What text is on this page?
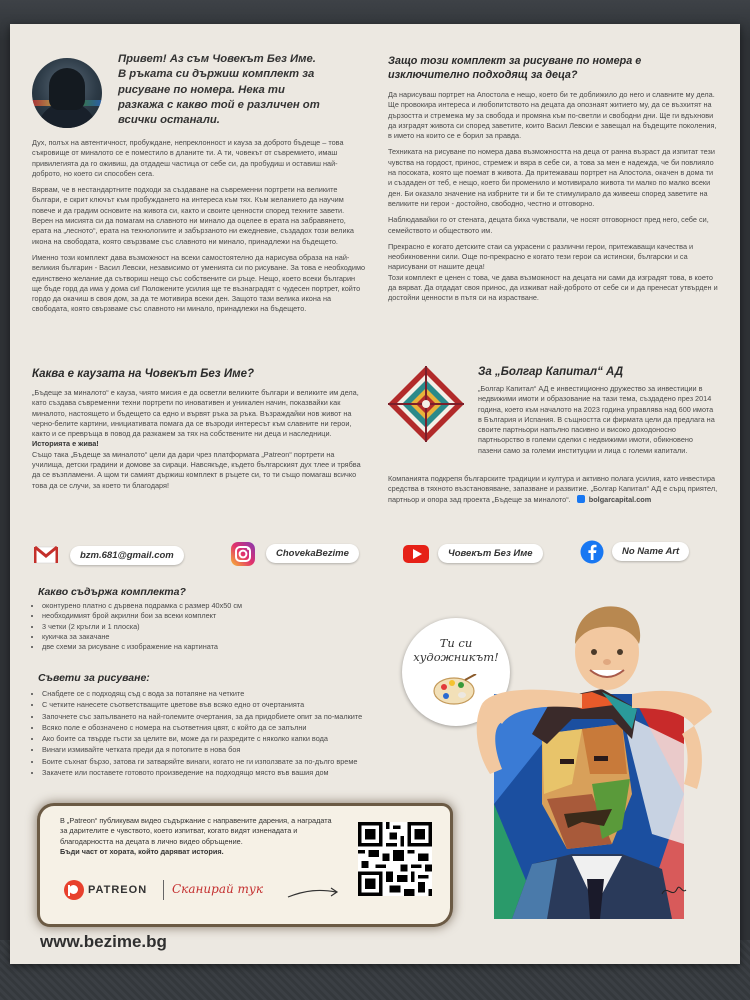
Привет! Аз съм Човекът Без Име.
В ръката си държиш комплект за
рисуване по номера. Нека ти
разкажа с какво той е различен от
всички останали.

Дух, полъх на автентичност, пробуждане, непреклонност и кауза за доброто бъдеще – това съкровище от миналото се е поместило в дланите ти. А ти, човекът от съвремието, имаш привилегията да го оживиш, да отдадеш частица от себе си, да пробудиш и оставиш най-доброто, но което си способен сега.

Вярвам, че в нестандартните подходи за създаване на съвременни портрети на великите българи, е скрит ключът към пробуждането на интереса към тях. Към желанието да научим повече и да градим основите на живота си, както и своите ценности според техните завети. Верен на мисията си да помагам на славното ни минало да оцелее в ерата на забравянето, ерата на „лесното“, ерата на технологиите и забързаното ни ежедневие, създадох този велика икона на свободата, която свързваме със славното ни минало, принадлежи на бъдещето.

Именно този комплект дава възможност на всеки самостоятелно да нарисува образа на най-великия българин - Васил Левски, независимо от уменията си по рисуване. За това е необходимо единствено желание да сътвориш нещо със собствените си ръце. Нещо, което всеки българин ще бъде горд да има у дома си! Положените усилия ще те възнаградят с чудесен портрет, който гордо да окачиш в своя дом, за да те мотивира всеки ден. Защото тази велика икона на свободата, която свързваме със славното ни минало, принадлежи на бъдещето.

Каква е каузата на Човекът Без Име?
„Бъдеще за миналото“ е кауза, чиято мисия е да осветли великите българи и великите им дела, като създава съвременни техни портрети по иновативен и уникален начин, показвайки как миналото, настоящето и бъдещето са едно и вървят ръка за ръка. Възраждайки нов живот на черно-белите картини, инициативата помага да се възроди интересът към славните ни герои, както и се превръща в повод да разкажем за тях на собствените ни деца и наследници.
Историята е жива!
Също така „Бъдеще за миналото“ цели да дари чрез платформата „Patreon“ портрети на училища, детски градини и домове за сираци. Навсякъде, където българският дух тлее и трябва да се възпламени. А щом ти самият държиш комплект в ръцете си, то ти също помагаш всичко това да се случи, за което ти благодаря!
Защо този комплект за рисуване по номера е
изключително подходящ за деца?

Да нарисуваш портрет на Апостола е нещо, което би те доближило до него и славните му дела. Ще провокира интереса и любопитството на децата да опознаят житието му, да се възхитят на дързостта и стремежа му за свобода и промяна към по-светли и свободни дни. Ще ги вдъхнови да изградят живота си според заветите, които Васил Левски е завещал на бъдещите поколения, в името на които се е борил за правда.

Техниката на рисуване по номера дава възможността на деца от ранна възраст да изпитат тези чувства на гордост, принос, стремеж и вяра в себе си, а това за мен е надежда, че би повлияло на посоката, която ще поемат в живота. Да притежаваш портрет на Апостола, окачен в дома ти и създаден от теб, е нещо, което би променило и мотивирало живота ти малко по малко всеки ден. Би оказало значение на избрните ти и би те стимулирало да живееш според заветите на великите ни герои - достойно, свободно, честно и отговорно.

Наблюдавайки го от стената, децата биха чувствали, че носят отговорност пред него, себе си, семейството и обществото им.

Прекрасно е когато детските стаи са украсени с различни герои, притежаващи качества и необикновенни сили. Още по-прекрасно е когато тези герои са истински, български и са нарисувани от нашите деца!

Този комплект е ценен с това, че дава възможност на децата ни сами да изградят това, в което да вярват. Да отдадат своя принос, да изживат най-доброто от себе си и да пренесат утвърден и достойни ценности в пътя си на израстване.

За „Болгар Капитал“ АД
„Болгар Капитал“ АД е инвестиционно дружество за инвестиции в недвижими имоти и образование на тази тема, създадено през 2014 година, което към началото на 2023 година управлява над 600 имота в България и Испания. В същността си фирмата цели да предлага на своите партньори напълно пасивно и високо доходоносно партньорство в големи сделки с недвижими имоти, обикновено пазени само за големи институции и лица с големи капитали.
Компанията подкрепя българските традиции и култура и активно полага усилия, като инвестира средства в тяхното възстановяване, запазване и развитие. „Болгар Капитал“ АД е сърц приятел, партньор и опора зад проекта „Бъдеще за миналото“. bolgarcapital.com
bzm.681@gmail.com	ChovekaBezime	Човекът Без Име	No Name Art
Какво съдържа комплекта?
• оконтурено платно с дървена подрамка с размер 40х50 см
• необходимият брой акрилни бои за всеки комплект
• 3 четки (2 кръгли и 1 плоска)
• кукичка за закачане
• две схеми за рисуване с изображение на картината
Съвети за рисуване:
• Снабдете се с подходящ съд с вода за потапяне на четките
• С четките нанесете съответстващите цветове във всяко едно от очертанията
• Започнете със запълването на най-големите очертания, за да придобиете опит за по-малките
• Всяко поле е обозначено с номера на съответния цвят, с който да се запълни
• Ако боите са твърде гъсти за целите ви, може да ги разредите с няколко капки вода
• Винаги измивайте четката преди да я потопите в нова боя
• Боите съхнат бързо, затова ги затваряйте винаги, когато не ги използвате за по-дълго време
• Закачете или поставете готовото произведение на подходящо място във вашия дом
Ти си
художникът!
В „Patreon“ публикувам видео съдържание с направените дарения, а наградата за дарителите е чувството, което изпитват, когато видят изненадата и благодарността на децата в лично видео обръщение.
Бъди част от хората, който даряват история.
PATREON Сканирай тук
www.bezime.bg
